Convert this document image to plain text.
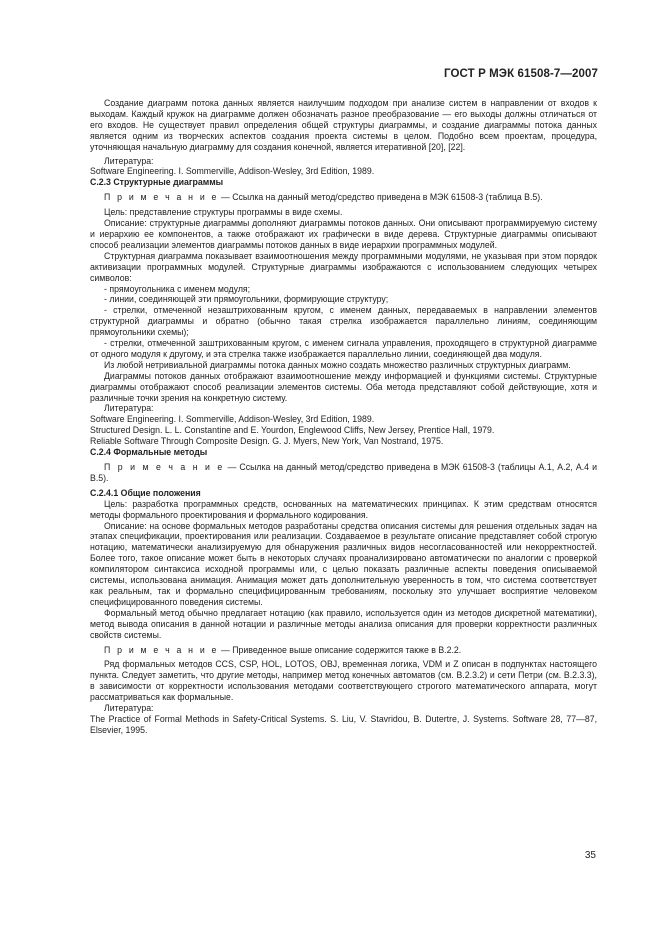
ГОСТ Р МЭК 61508-7—2007

Создание диаграмм потока данных является наилучшим подходом при анализе систем в направлении от входов к выходам. Каждый кружок на диаграмме должен обозначать разное преобразование — его выходы должны отличаться от его входов. Не существует правил определения общей структуры диаграммы, и создание диаграммы потока данных является одним из творческих аспектов создания проекта системы в целом. Подобно всем проектам, процедура, уточняющая начальную диаграмму для создания конечной, является итеративной [20], [22].

Литература:

Software Engineering. I. Sommerville, Addison-Wesley, 3rd Edition, 1989.

С.2.3 Структурные диаграммы

П р и м е ч а н и е — Ссылка на данный метод/средство приведена в МЭК 61508-3 (таблица В.5).

Цель: представление структуры программы в виде схемы.

Описание: структурные диаграммы дополняют диаграммы потоков данных. Они описывают программируемую систему и иерархию ее компонентов, а также отображают их графически в виде дерева. Структурные диаграммы описывают способ реализации элементов диаграммы потоков данных в виде иерархии программных модулей.

Структурная диаграмма показывает взаимоотношения между программными модулями, не указывая при этом порядок активизации программных модулей. Структурные диаграммы изображаются с использованием следующих четырех символов:

- прямоугольника с именем модуля;

- линии, соединяющей эти прямоугольники, формирующие структуру;

- стрелки, отмеченной незаштрихованным кругом, с именем данных, передаваемых в направлении элементов структурной диаграммы и обратно (обычно такая стрелка изображается параллельно линиям, соединяющим прямоугольники схемы);

- стрелки, отмеченной заштрихованным кругом, с именем сигнала управления, проходящего в структурной диаграмме от одного модуля к другому, и эта стрелка также изображается параллельно линии, соединяющей два модуля.

Из любой нетривиальной диаграммы потока данных можно создать множество различных структурных диаграмм.

Диаграммы потоков данных отображают взаимоотношение между информацией и функциями системы. Структурные диаграммы отображают способ реализации элементов системы. Оба метода представляют собой действующие, хотя и различные точки зрения на конкретную систему.

Литература:

Software Engineering. I. Sommerville, Addison-Wesley, 3rd Edition, 1989.

Structured Design. L. L. Constantine and E. Yourdon, Englewood Cliffs, New Jersey, Prentice Hall, 1979.

Reliable Software Through Composite Design. G. J. Myers, New York, Van Nostrand, 1975.

С.2.4 Формальные методы

П р и м е ч а н и е — Ссылка на данный метод/средство приведена в МЭК 61508-3 (таблицы А.1, А.2, А.4 и В.5).

С.2.4.1 Общие положения

Цель: разработка программных средств, основанных на математических принципах. К этим средствам относятся методы формального проектирования и формального кодирования.

Описание: на основе формальных методов разработаны средства описания системы для решения отдельных задач на этапах спецификации, проектирования или реализации. Создаваемое в результате описание представляет собой строгую нотацию, математически анализируемую для обнаружения различных видов несогласованностей или некорректностей. Более того, такое описание может быть в некоторых случаях проанализировано автоматически по аналогии с проверкой компилятором синтаксиса исходной программы или, с целью показать различные аспекты поведения описываемой системы, использована анимация. Анимация может дать дополнительную уверенность в том, что система соответствует как реальным, так и формально специфицированным требованиям, поскольку это улучшает восприятие человеком специфицированного поведения системы.

Формальный метод обычно предлагает нотацию (как правило, используется один из методов дискретной математики), метод вывода описания в данной нотации и различные методы анализа описания для проверки корректности различных свойств системы.

П р и м е ч а н и е — Приведенное выше описание содержится также в В.2.2.

Ряд формальных методов CCS, CSP, HOL, LOTOS, OBJ, временная логика, VDM и Z описан в подпунктах настоящего пункта. Следует заметить, что другие методы, например метод конечных автоматов (см. В.2.3.2) и сети Петри (см. В.2.3.3), в зависимости от корректности использования методами соответствующего строгого математического аппарата, могут рассматриваться как формальные.

Литература:

The Practice of Formal Methods in Safety-Critical Systems. S. Liu, V. Stavridou, B. Dutertre, J. Systems. Software 28, 77—87, Elsevier, 1995.

35
